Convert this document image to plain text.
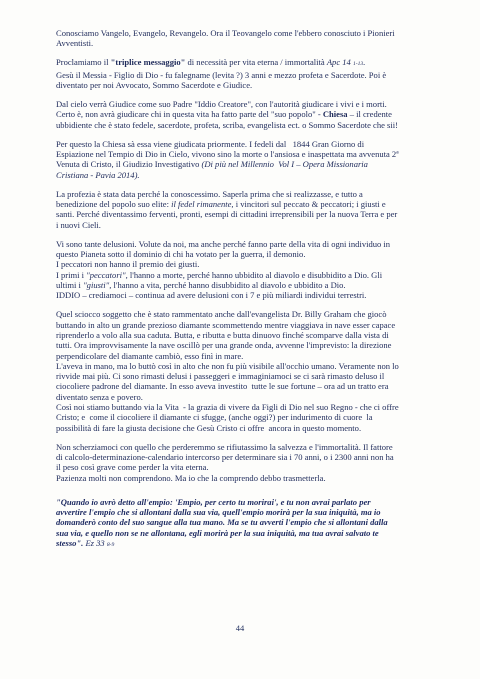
Conosciamo Vangelo, Evangelo, Revangelo. Ora il Teovangelo come l'ebbero conosciuto i Pionieri
Avventisti.

Proclamiamo il "triplice messaggio" di necessità per vita eterna / immortalità Apc 14 1-13.
Gesù il Messia - Figlio di Dio - fu falegname (levita ?) 3 anni e mezzo profeta e Sacerdote. Poi è
diventato per noi Avvocato, Sommo Sacerdote e Giudice.

Dal cielo verrà Giudice come suo Padre "Iddio Creatore", con l'autorità giudicare i vivi e i morti.
Certo è, non avrà giudicare chi in questa vita ha fatto parte del "suo popolo" - Chiesa – il credente
ubbidiente che è stato fedele, sacerdote, profeta, scriba, evangelista ect. o Sommo Sacerdote che sii!

Per questo la Chiesa sà essa viene giudicata priormente. I fedeli dal   1844 Gran Giorno di
Espiazione nel Tempio di Dio in Cielo, vivono sino la morte o l'ansiosa e inaspettata ma avvenuta 2ª
Venuta di Cristo, il Giudizio Investigativo (Di più nel Millennio  Vol I – Opera Missionaria
Cristiana - Pavia 2014).

La profezia è stata data perché la conoscessimo. Saperla prima che si realizzasse, e tutto a
benedizione del popolo suo elite: il fedel rimanente, i vincitori sul peccato & peccatori; i giusti e
santi. Perché diventassimo ferventi, pronti, esempi di cittadini irreprensibili per la nuova Terra e per
i nuovi Cieli.

Vi sono tante delusioni. Volute da noi, ma anche perché fanno parte della vita di ogni individuo in
questo Pianeta sotto il dominio di chi ha votato per la guerra, il demonio.
I peccatori non hanno il premio dei giusti.
I primi i "peccatori", l'hanno a morte, perché hanno ubbidito al diavolo e disubbidito a Dio. Gli
ultimi i "giusti", l'hanno a vita, perché hanno disubbidito al diavolo e ubbidito a Dio.
IDDIO – crediamoci – continua ad avere delusioni con i 7 e più miliardi individui terrestri.

Quel sciocco soggetto che è stato rammentato anche dall'evangelista Dr. Billy Graham che giocò
buttando in alto un grande prezioso diamante scommettendo mentre viaggiava in nave esser capace
riprenderlo a volo alla sua caduta. Butta, e ributta e butta dinuovo finché scomparve dalla vista di
tutti. Ora improvvisamente la nave oscillò per una grande onda, avvenne l'imprevisto: la direzione
perpendicolare del diamante cambiò, esso finì in mare.
L'aveva in mano, ma lo buttò così in alto che non fu più visibile all'occhio umano. Veramente non lo
rivvide mai più. Ci sono rimasti delusi i passeggeri e immaginiamoci se ci sarà rimasto deluso il
ciocoliere padrone del diamante. In esso aveva investito  tutte le sue fortune – ora ad un tratto era
diventato senza e povero.
Così noi stiamo buttando via la Vita  - la grazia di vivere da Figli di Dio nel suo Regno - che ci offre
Cristo; e  come il ciocoliere il diamante ci sfugge, (anche oggi?) per indurimento di cuore  la
possibilità di fare la giusta decisione che Gesù Cristo ci offre  ancora in questo momento.

Non scherziamoci con quello che perderemmo se rifiutassimo la salvezza e l'immortalità. Il fattore
di calcolo-determinazione-calendario intercorso per determinare sia i 70 anni, o i 2300 anni non ha
il peso così grave come perder la vita eterna.
Pazienza molti non comprendono. Ma io che la comprendo debbo trasmetterla.

"Quando io avrò detto all'empio: 'Empio, per certo tu morirai', e tu non avrai parlato per
avvertire l'empio che si allontani dalla sua via, quell'empio morirà per la sua iniquità, ma io
domanderò conto del suo sangue alla tua mano. Ma se tu avverti l'empio che si allontani dalla
sua via, e quello non se ne allontana, egli morirà per la sua iniquità, ma tua avrai salvato te
stesso". Ez 33 8-9

44
